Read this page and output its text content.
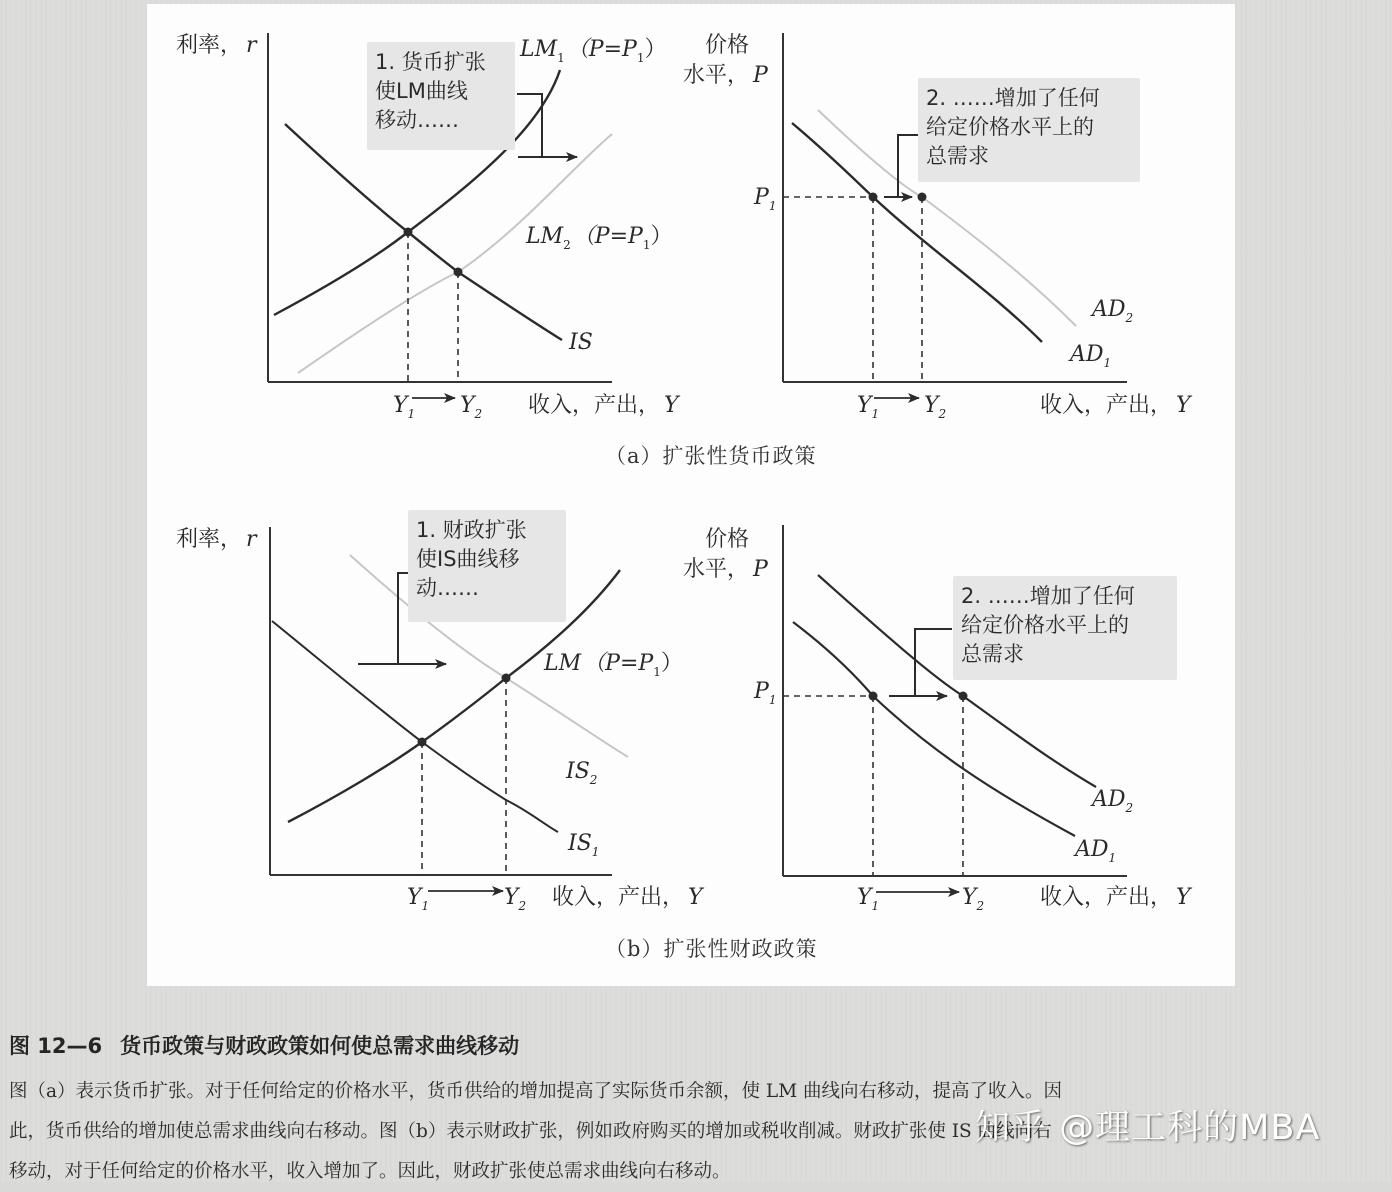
利率， r
收入，产出， Y
$Y_1$ $Y_2$
$LM_1(P=P_1)$
$LM_2(P=P_1)$
IS
1. 货币扩张
使LM曲线
移动……
价格
水平， P
$P_1$
收入，产出， Y
$Y_1$ $Y_2$
$AD_2$
$AD_1$
2. ……增加了任何
给定价格水平上的
总需求
（a）扩张性货币政策
利率， r
收入，产出， Y
$Y_1$	$Y_2$
$LM(P=P_1)$
$IS_2$
$IS_1$
1. 财政扩张
使IS曲线移
动……
价格
水平， P
$P_1$
收入，产出， Y
$Y_1$	$Y_2$
$AD_2$
$AD_1$
2. ……增加了任何
给定价格水平上的
总需求
（b）扩张性财政政策
图 12—6 货币政策与财政政策如何使总需求曲线移动
图（a）表示货币扩张。对于任何给定的价格水平，货币供给的增加提高了实际货币余额，使 LM 曲线向右移动，提高了收入。因
此，货币供给的增加使总需求曲线向右移动。图（b）表示财政扩张，例如政府购买的增加或税收削减。财政扩张使 IS 曲线向右
移动，对于任何给定的价格水平，收入增加了。因此，财政扩张使总需求曲线向右移动。
知乎 @理工科的MBA
